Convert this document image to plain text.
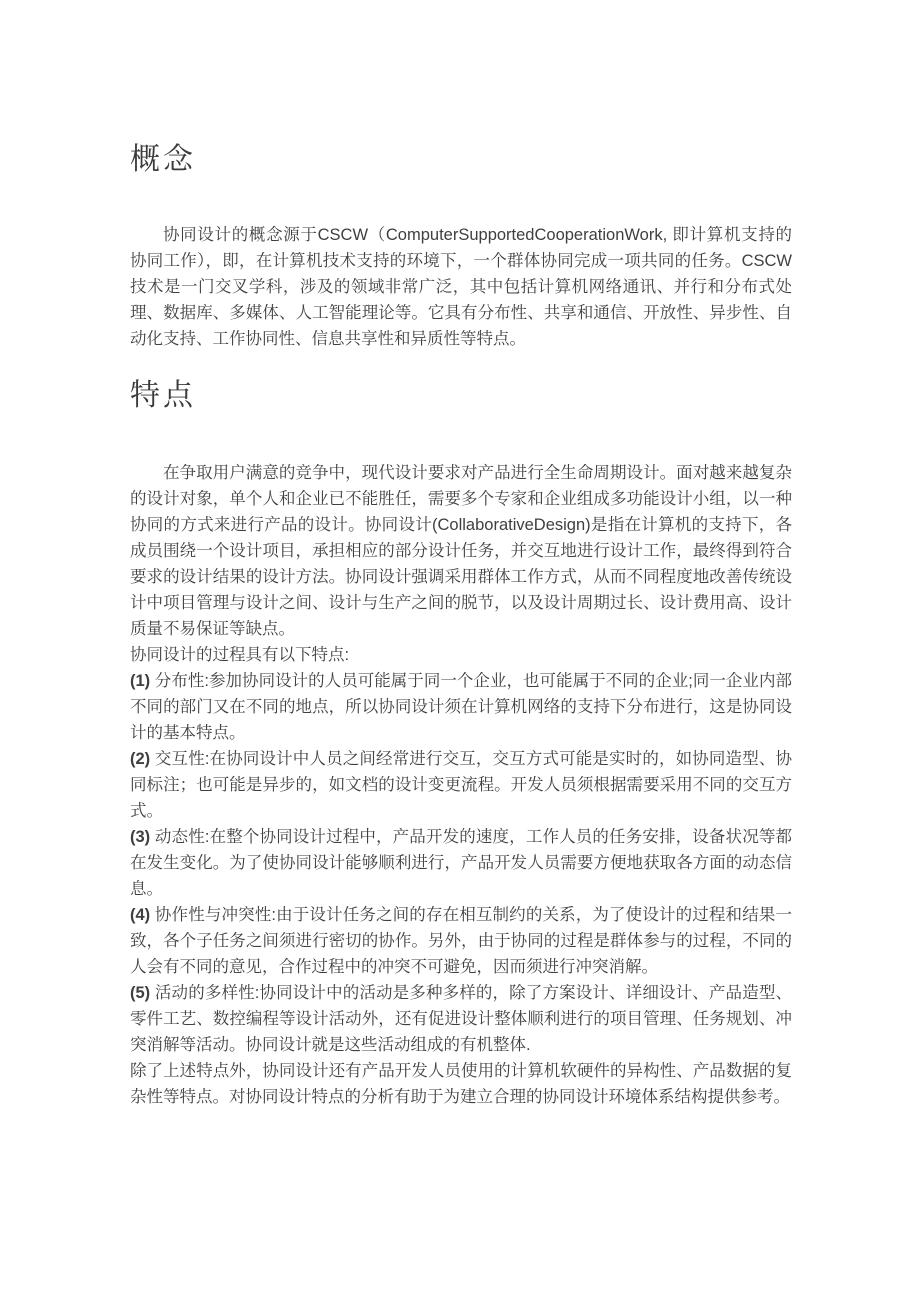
概念

协同设计的概念源于CSCW（ComputerSupportedCooperationWork, 即计算机支持的协同工作），即，在计算机技术支持的环境下，一个群体协同完成一项共同的任务。CSCW技术是一门交叉学科，涉及的领域非常广泛，其中包括计算机网络通讯、并行和分布式处理、数据库、多媒体、人工智能理论等。它具有分布性、共享和通信、开放性、异步性、自动化支持、工作协同性、信息共享性和异质性等特点。

特点

在争取用户满意的竞争中，现代设计要求对产品进行全生命周期设计。面对越来越复杂的设计对象，单个人和企业已不能胜任，需要多个专家和企业组成多功能设计小组，以一种协同的方式来进行产品的设计。协同设计(CollaborativeDesign)是指在计算机的支持下，各成员围绕一个设计项目，承担相应的部分设计任务，并交互地进行设计工作，最终得到符合要求的设计结果的设计方法。协同设计强调采用群体工作方式，从而不同程度地改善传统设计中项目管理与设计之间、设计与生产之间的脱节，以及设计周期过长、设计费用高、设计质量不易保证等缺点。

协同设计的过程具有以下特点:

(1) 分布性:参加协同设计的人员可能属于同一个企业，也可能属于不同的企业;同一企业内部不同的部门又在不同的地点，所以协同设计须在计算机网络的支持下分布进行，这是协同设计的基本特点。

(2) 交互性:在协同设计中人员之间经常进行交互，交互方式可能是实时的，如协同造型、协同标注；也可能是异步的，如文档的设计变更流程。开发人员须根据需要采用不同的交互方式。

(3) 动态性:在整个协同设计过程中，产品开发的速度，工作人员的任务安排，设备状况等都在发生变化。为了使协同设计能够顺利进行，产品开发人员需要方便地获取各方面的动态信息。

(4) 协作性与冲突性:由于设计任务之间的存在相互制约的关系，为了使设计的过程和结果一致，各个子任务之间须进行密切的协作。另外，由于协同的过程是群体参与的过程，不同的人会有不同的意见，合作过程中的冲突不可避免，因而须进行冲突消解。

(5) 活动的多样性:协同设计中的活动是多种多样的，除了方案设计、详细设计、产品造型、零件工艺、数控编程等设计活动外，还有促进设计整体顺利进行的项目管理、任务规划、冲突消解等活动。协同设计就是这些活动组成的有机整体.

除了上述特点外，协同设计还有产品开发人员使用的计算机软硬件的异构性、产品数据的复杂性等特点。对协同设计特点的分析有助于为建立合理的协同设计环境体系结构提供参考。
